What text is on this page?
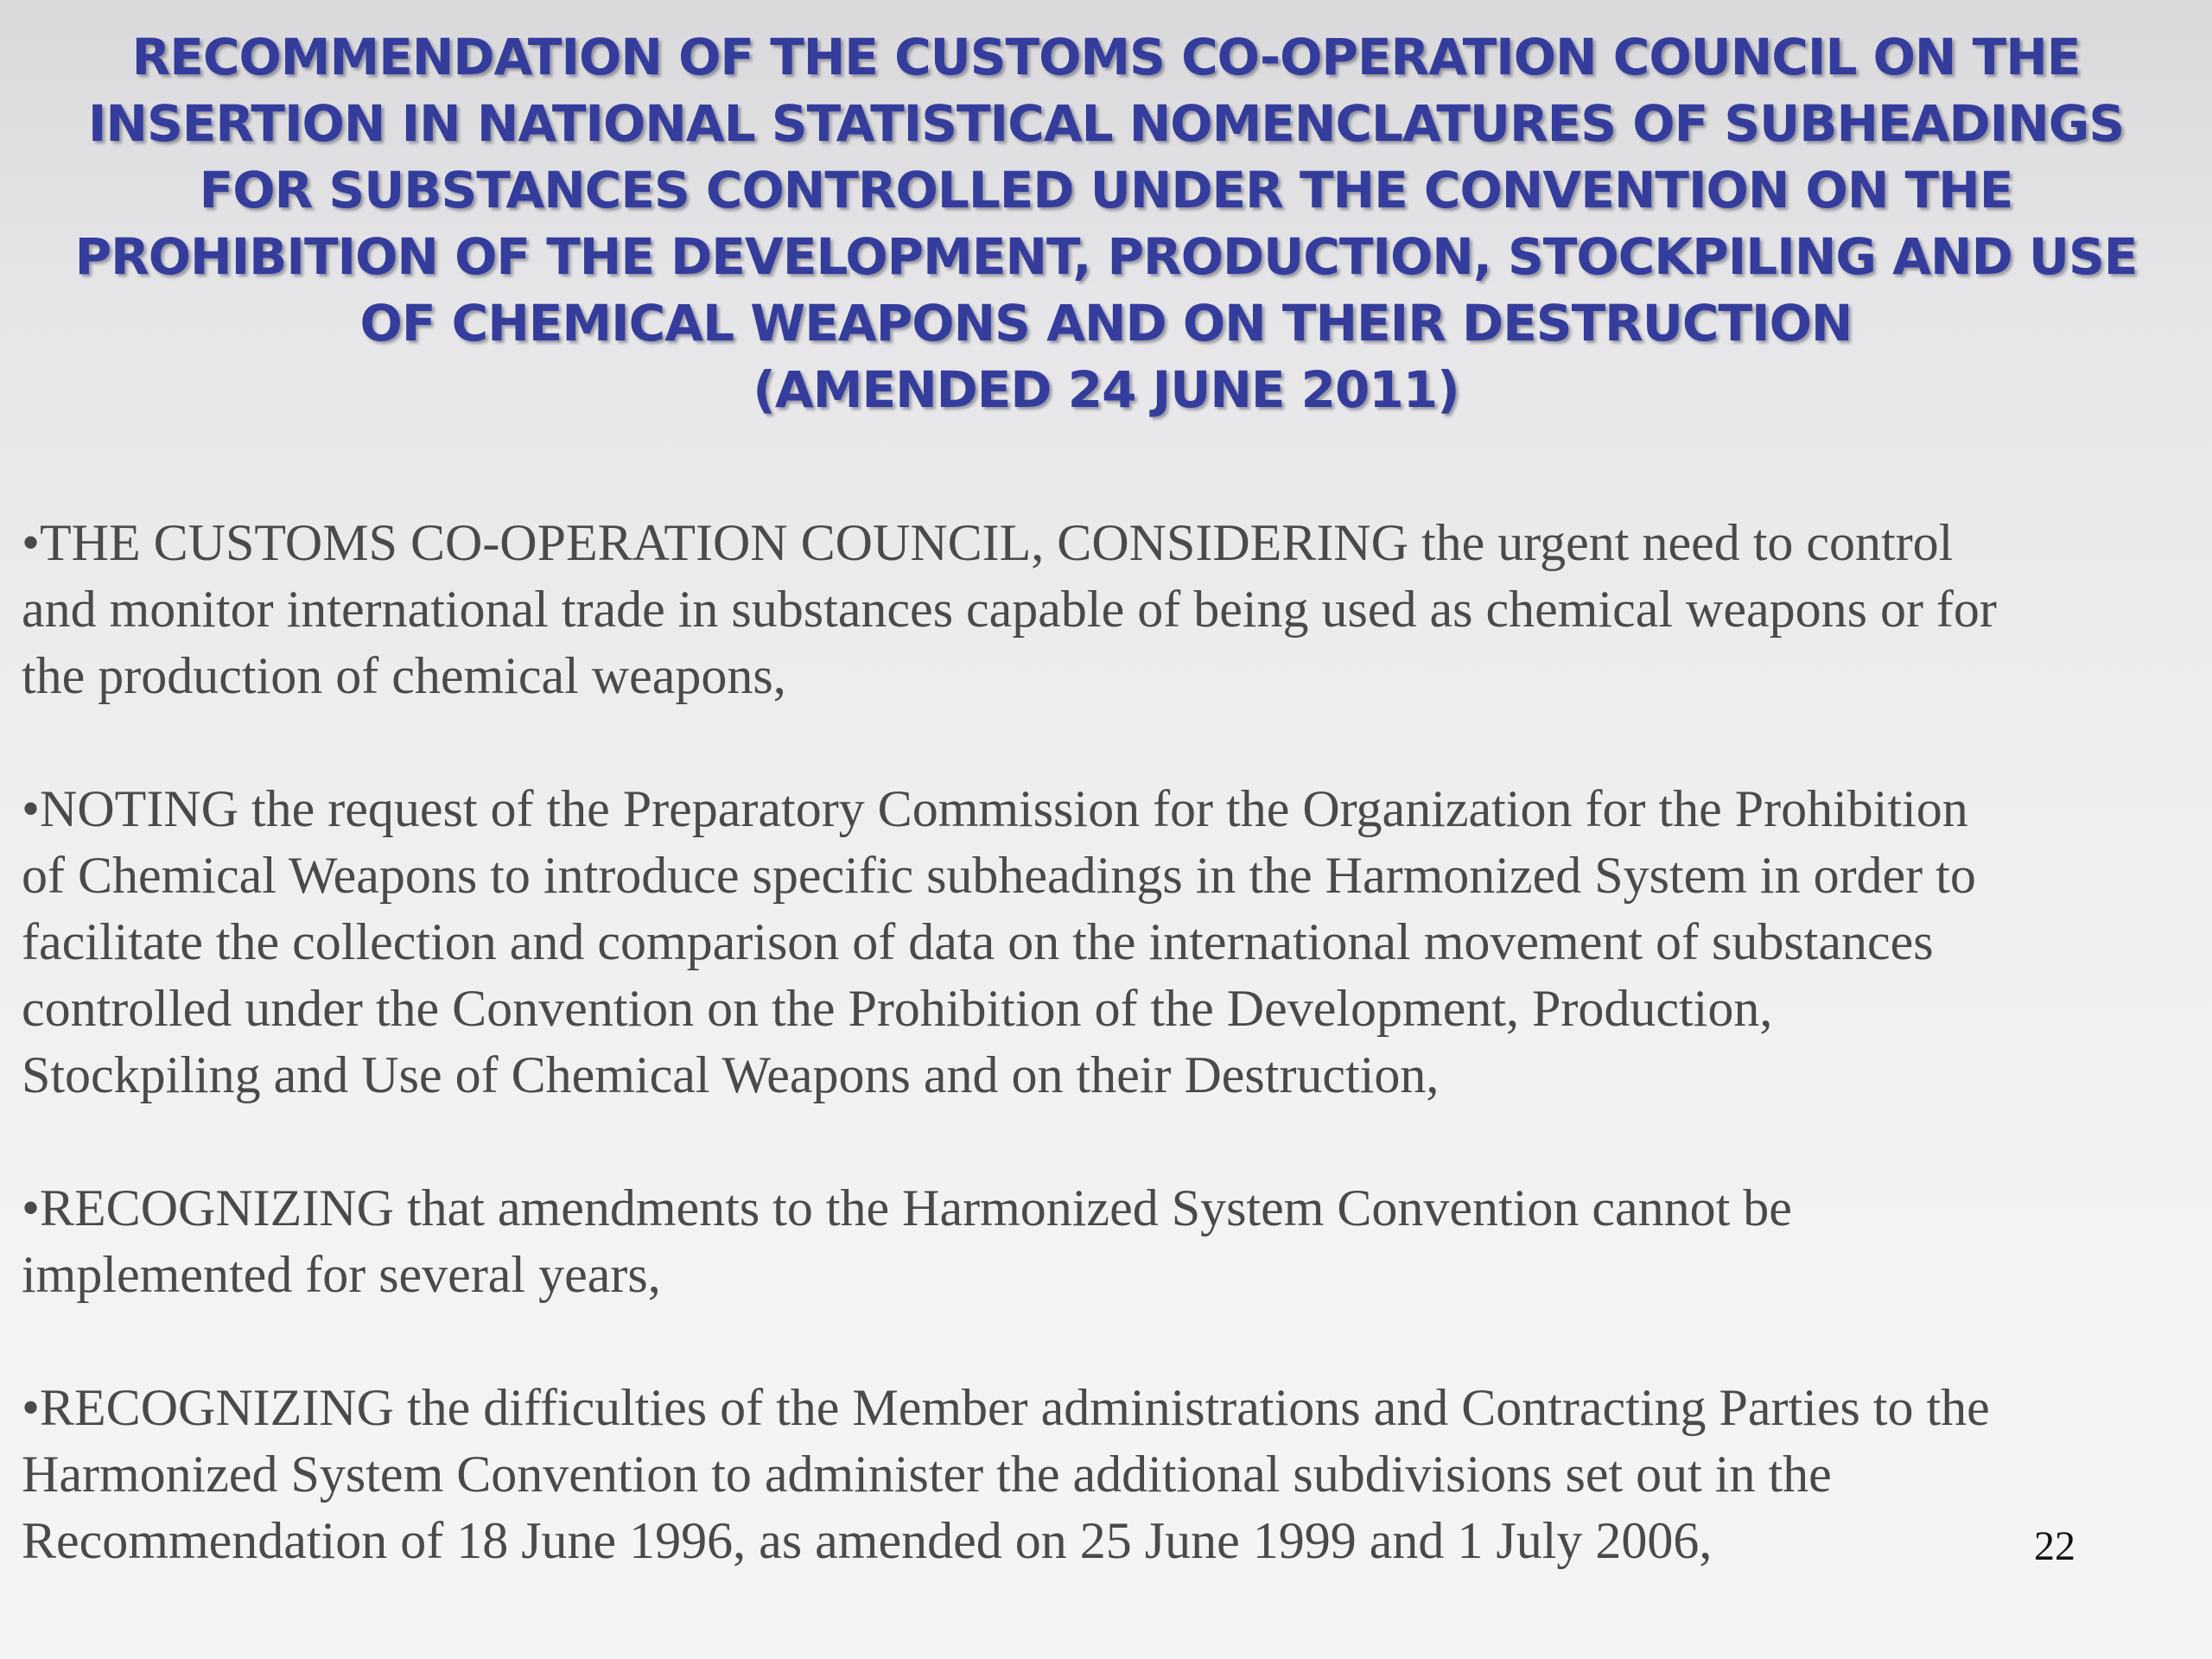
RECOMMENDATION OF THE CUSTOMS CO-OPERATION COUNCIL ON THE
INSERTION IN NATIONAL STATISTICAL NOMENCLATURES OF SUBHEADINGS
FOR SUBSTANCES CONTROLLED UNDER THE CONVENTION ON THE
PROHIBITION OF THE DEVELOPMENT, PRODUCTION, STOCKPILING AND USE
OF CHEMICAL WEAPONS AND ON THEIR DESTRUCTION
(AMENDED 24 JUNE 2011)

•THE CUSTOMS CO-OPERATION COUNCIL, CONSIDERING the urgent need to control
and monitor international trade in substances capable of being used as chemical weapons or for
the production of chemical weapons,

•NOTING the request of the Preparatory Commission for the Organization for the Prohibition
of Chemical Weapons to introduce specific subheadings in the Harmonized System in order to
facilitate the collection and comparison of data on the international movement of substances
controlled under the Convention on the Prohibition of the Development, Production,
Stockpiling and Use of Chemical Weapons and on their Destruction,

•RECOGNIZING that amendments to the Harmonized System Convention cannot be
implemented for several years,

•RECOGNIZING the difficulties of the Member administrations and Contracting Parties to the
Harmonized System Convention to administer the additional subdivisions set out in the
Recommendation of 18 June 1996, as amended on 25 June 1999 and 1 July 2006,	22
